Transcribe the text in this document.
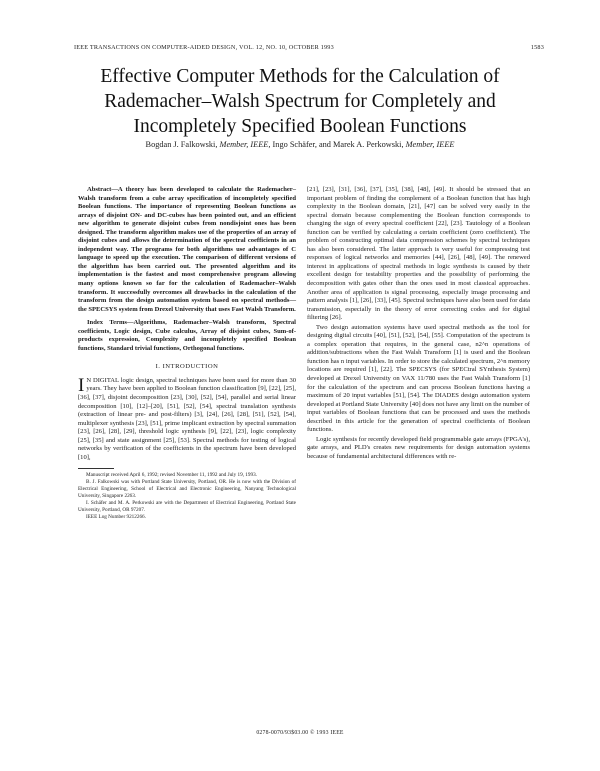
IEEE TRANSACTIONS ON COMPUTER-AIDED DESIGN, VOL. 12, NO. 10, OCTOBER 1993	1583
Effective Computer Methods for the Calculation of Rademacher–Walsh Spectrum for Completely and Incompletely Specified Boolean Functions
Bogdan J. Falkowski, Member, IEEE, Ingo Schäfer, and Marek A. Perkowski, Member, IEEE

Abstract—A theory has been developed to calculate the Rademacher–Walsh transform from a cube array specification of incompletely specified Boolean functions. The importance of representing Boolean functions as arrays of disjoint ON- and DC-cubes has been pointed out, and an efficient new algorithm to generate disjoint cubes from nondisjoint ones has been designed. The transform algorithm makes use of the properties of an array of disjoint cubes and allows the determination of the spectral coefficients in an independent way. The programs for both algorithms use advantages of C language to speed up the execution. The comparison of different versions of the algorithm has been carried out. The presented algorithm and its implementation is the fastest and most comprehensive program allowing many options known so far for the calculation of Rademacher–Walsh transform. It successfully overcomes all drawbacks in the calculation of the transform from the design automation system based on spectral methods—the SPECSYS system from Drexel University that uses Fast Walsh Transform.

Index Terms—Algorithms, Rademacher–Walsh transform, Spectral coefficients, Logic design, Cube calculus, Array of disjoint cubes, Sum-of-products expression, Complexity and incompletely specified Boolean functions, Standard trivial functions, Orthogonal functions.

I. INTRODUCTION

I N DIGITAL logic design, spectral techniques have been used for more than 30 years. They have been applied to Boolean function classification [9], [22], [25], [36], [37], disjoint decomposition [23], [30], [52], [54], parallel and serial linear decomposition [10], [12]–[20], [51], [52], [54], spectral translation synthesis (extraction of linear pre- and post-filters) [3], [24], [26], [28], [51], [52], [54], multiplexer synthesis [23], [51], prime implicant extraction by spectral summation [23], [26], [28], [29], threshold logic synthesis [9], [22], [23], logic complexity [25], [35] and state assignment [25], [53]. Spectral methods for testing of logical networks by verification of the coefficients in the spectrum have been developed [10],

Manuscript received April 6, 1992; revised November 11, 1992 and July 19, 1993.

B. J. Falkowski was with Portland State University, Portland, OR. He is now with the Division of Electrical Engineering, School of Electrical and Electronic Engineering, Nanyang Technological University, Singapore 2263.

I. Schäfer and M. A. Perkowski are with the Department of Electrical Engineering, Portland State University, Portland, OR 97207.

IEEE Log Number 9212266.

[21], [23], [31], [36], [37], [35], [38], [48], [49]. It should be stressed that an important problem of finding the complement of a Boolean function that has high complexity in the Boolean domain, [21], [47] can be solved very easily in the spectral domain because complementing the Boolean function corresponds to changing the sign of every spectral coefficient [22], [23]. Tautology of a Boolean function can be verified by calculating a certain coefficient (zero coefficient). The problem of constructing optimal data compression schemes by spectral techniques has also been considered. The latter approach is very useful for compressing test responses of logical networks and memories [44], [26], [48], [49]. The renewed interest in applications of spectral methods in logic synthesis is caused by their excellent design for testability properties and the possibility of performing the decomposition with gates other than the ones used in most classical approaches. Another area of application is signal processing, especially image processing and pattern analysis [1], [26], [33], [45]. Spectral techniques have also been used for data transmission, especially in the theory of error correcting codes and for digital filtering [26].

Two design automation systems have used spectral methods as the tool for designing digital circuits [40], [51], [52], [54], [55]. Computation of the spectrum is a complex operation that requires, in the general case, n2^n operations of addition/subtractions when the Fast Walsh Transform [1] is used and the Boolean function has n input variables. In order to store the calculated spectrum, 2^n memory locations are required [1], [22]. The SPECSYS (for SPECtral SYnthesis System) developed at Drexel University on VAX 11/780 uses the Fast Walsh Transform [1] for the calculation of the spectrum and can process Boolean functions having a maximum of 20 input variables [51], [54]. The DIADES design automation system developed at Portland State University [40] does not have any limit on the number of input variables of Boolean functions that can be processed and uses the methods described in this article for the generation of spectral coefficients of Boolean functions.

Logic synthesis for recently developed field programmable gate arrays (FPGA's), gate arrays, and PLD's creates new requirements for design automation systems because of fundamental architectural differences with re-

0278-0070/93$03.00 © 1993 IEEE
